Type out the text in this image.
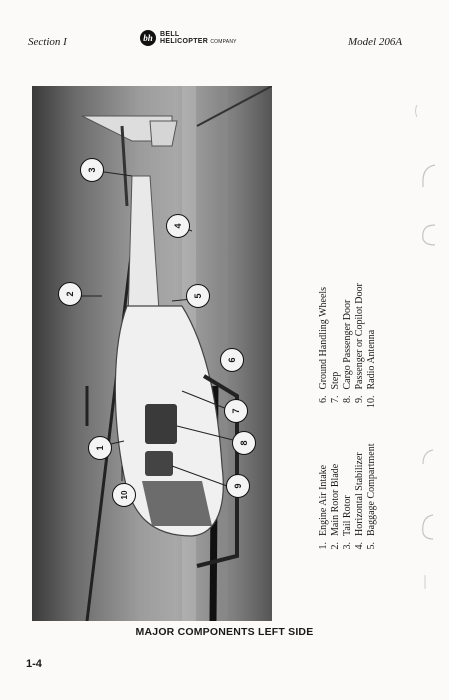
Section I	bh	BELL
HELICOPTER COMPANY	Model 206A
3
2
4
5
6
7
8
9
1
10
1.Engine Air Intake
2.Main Rotor Blade
3.Tail Rotor
4.Horizontal Stabilizer
5.Baggage Compartment
6.Ground Handling Wheels
7.Step
8.Cargo Passenger Door
9.Passenger or Copilot Door
10.Radio Antenna
MAJOR COMPONENTS LEFT SIDE
1-4
